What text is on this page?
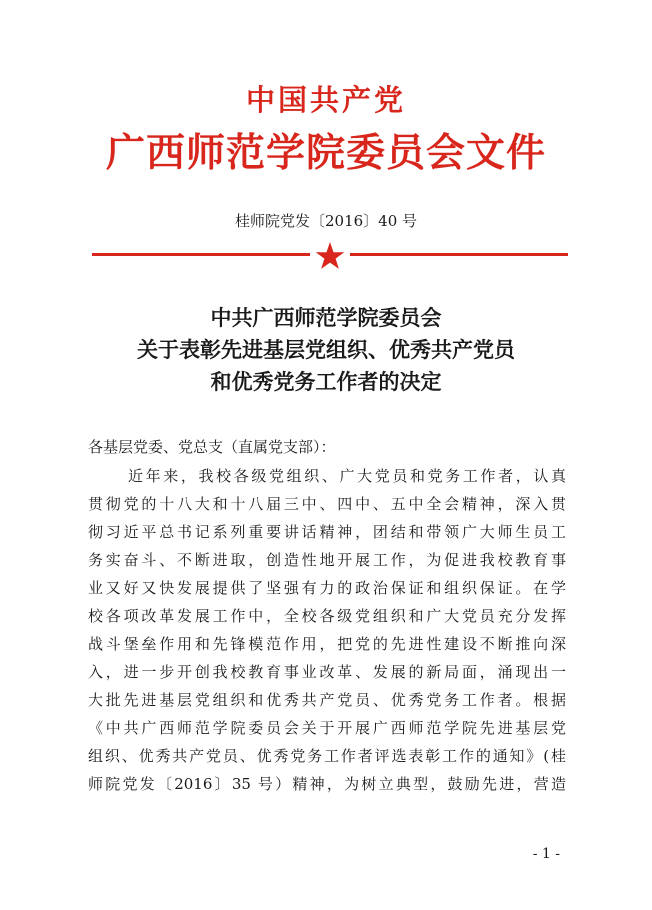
中国共产党
广西师范学院委员会文件
桂师院党发〔2016〕40 号
中共广西师范学院委员会
关于表彰先进基层党组织、优秀共产党员
和优秀党务工作者的决定
各基层党委、党总支（直属党支部）：
近年来，我校各级党组织、广大党员和党务工作者，认真
贯彻党的十八大和十八届三中、四中、五中全会精神，深入贯
彻习近平总书记系列重要讲话精神，团结和带领广大师生员工
务实奋斗、不断进取，创造性地开展工作，为促进我校教育事
业又好又快发展提供了坚强有力的政治保证和组织保证。在学
校各项改革发展工作中，全校各级党组织和广大党员充分发挥
战斗堡垒作用和先锋模范作用，把党的先进性建设不断推向深
入，进一步开创我校教育事业改革、发展的新局面，涌现出一
大批先进基层党组织和优秀共产党员、优秀党务工作者。根据
《中共广西师范学院委员会关于开展广西师范学院先进基层党
组织、优秀共产党员、优秀党务工作者评选表彰工作的通知》(桂
师院党发〔2016〕35 号）精神，为树立典型，鼓励先进，营造
- 1 -
